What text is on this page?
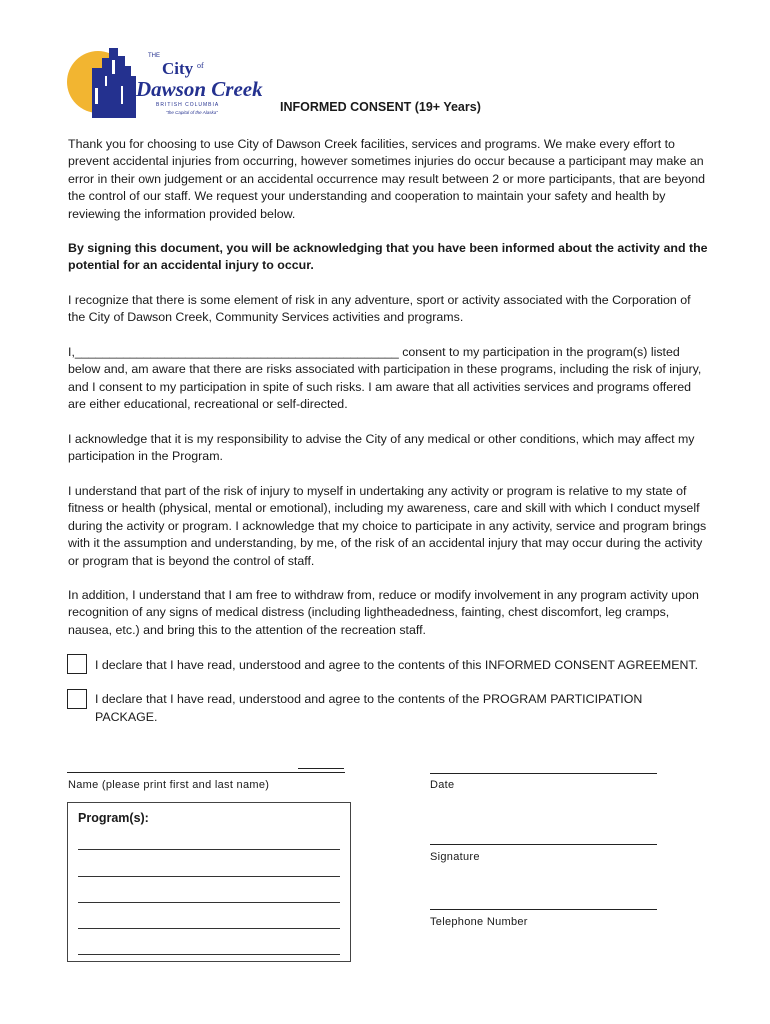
THE
City of
Dawson Creek
BRITISH COLUMBIA
"the Capital of the Alaska"	INFORMED CONSENT (19+ Years)

Thank you for choosing to use City of Dawson Creek facilities, services and programs. We make every effort to prevent accidental injuries from occurring, however sometimes injuries do occur because a participant may make an error in their own judgement or an accidental occurrence may result between 2 or more participants, that are beyond the control of our staff. We request your understanding and cooperation to maintain your safety and health by reviewing the information provided below.

By signing this document, you will be acknowledging that you have been informed about the activity and the potential for an accidental injury to occur.

I recognize that there is some element of risk in any adventure, sport or activity associated with the Corporation of the City of Dawson Creek, Community Services activities and programs.

I,_______________________________________________ consent to my participation in the program(s) listed below and, am aware that there are risks associated with participation in these programs, including the risk of injury, and I consent to my participation in spite of such risks. I am aware that all activities services and programs offered are either educational, recreational or self-directed.

I acknowledge that it is my responsibility to advise the City of any medical or other conditions, which may affect my participation in the Program.

I understand that part of the risk of injury to myself in undertaking any activity or program is relative to my state of fitness or health (physical, mental or emotional), including my awareness, care and skill with which I conduct myself during the activity or program. I acknowledge that my choice to participate in any activity, service and program brings with it the assumption and understanding, by me, of the risk of an accidental injury that may occur during the activity or program that is beyond the control of staff.

In addition, I understand that I am free to withdraw from, reduce or modify involvement in any program activity upon recognition of any signs of medical distress (including lightheadedness, fainting, chest discomfort, leg cramps, nausea, etc.) and bring this to the attention of the recreation staff.

I declare that I have read, understood and agree to the contents of this INFORMED CONSENT AGREEMENT.

I declare that I have read, understood and agree to the contents of the PROGRAM PARTICIPATION PACKAGE.

Name (please print first and last name)	Date
Program(s):
Signature
Telephone Number
